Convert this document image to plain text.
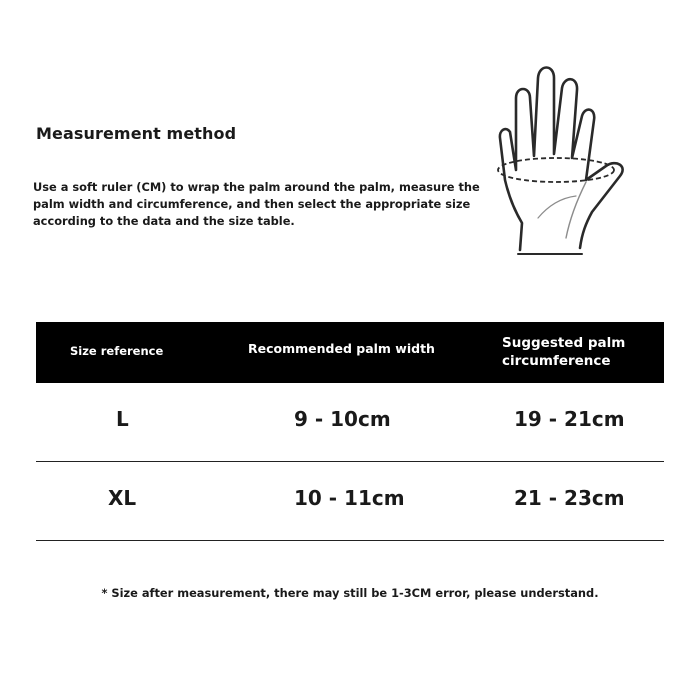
Measurement method
Use a soft ruler (CM) to wrap the palm around the palm, measure the palm width and circumference, and then select the appropriate size according to the data and the size table.
Size reference	Recommended palm width	Suggested palm circumference
L	9 - 10cm	19 - 21cm
XL	10 - 11cm	21 - 23cm
* Size after measurement, there may still be 1-3CM error, please understand.
